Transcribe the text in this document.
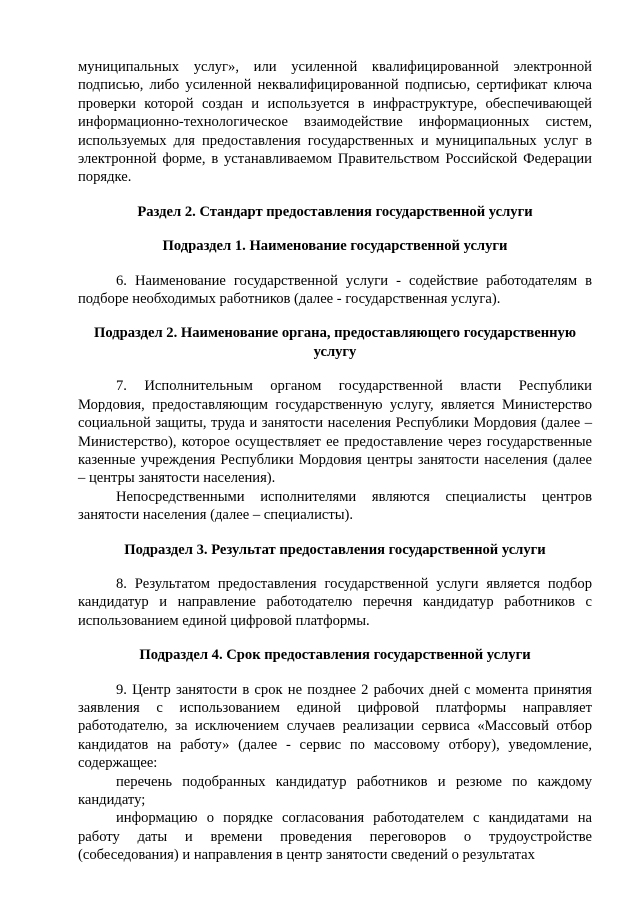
муниципальных услуг», или усиленной квалифицированной электронной подписью, либо усиленной неквалифицированной подписью, сертификат ключа проверки которой создан и используется в инфраструктуре, обеспечивающей информационно-технологическое взаимодействие информационных систем, используемых для предоставления государственных и муниципальных услуг в электронной форме, в устанавливаемом Правительством Российской Федерации порядке.

Раздел 2. Стандарт предоставления государственной услуги
Подраздел 1. Наименование государственной услуги

6. Наименование государственной услуги - содействие работодателям в подборе необходимых работников (далее - государственная услуга).

Подраздел 2. Наименование органа, предоставляющего государственную услугу

7. Исполнительным органом государственной власти Республики Мордовия, предоставляющим государственную услугу, является Министерство социальной защиты, труда и занятости населения Республики Мордовия (далее – Министерство), которое осуществляет ее предоставление через государственные казенные учреждения Республики Мордовия центры занятости населения (далее – центры занятости населения).

Непосредственными исполнителями являются специалисты центров занятости населения (далее – специалисты).

Подраздел 3. Результат предоставления государственной услуги

8. Результатом предоставления государственной услуги является подбор кандидатур и направление работодателю перечня кандидатур работников с использованием единой цифровой платформы.

Подраздел 4. Срок предоставления государственной услуги

9. Центр занятости в срок не позднее 2 рабочих дней с момента принятия заявления с использованием единой цифровой платформы направляет работодателю, за исключением случаев реализации сервиса «Массовый отбор кандидатов на работу» (далее - сервис по массовому отбору), уведомление, содержащее:

перечень подобранных кандидатур работников и резюме по каждому кандидату;

информацию о порядке согласования работодателем с кандидатами на работу даты и времени проведения переговоров о трудоустройстве (собеседования) и направления в центр занятости сведений о результатах
